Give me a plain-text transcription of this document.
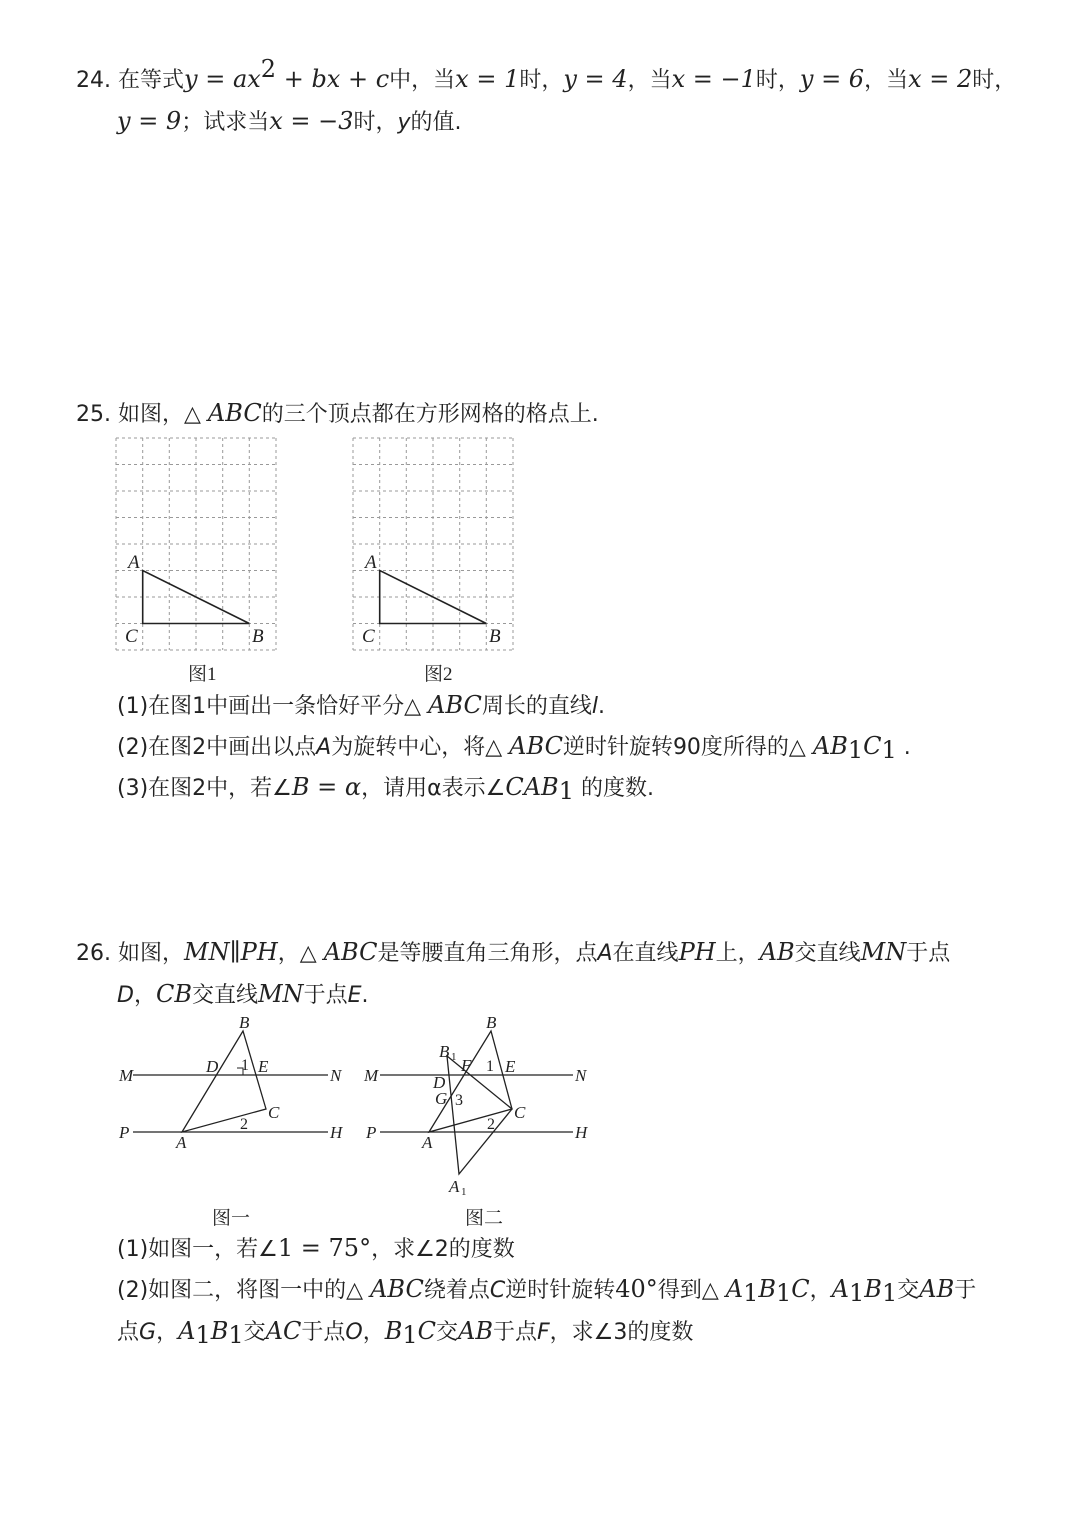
24. 在等式$y = ax^2$ + bx + c中，当x = 1时，y = 4，当x = −1时，y = 6，当x = 2时，
y = 9；试求当x = −3时，y的值.
25. 如图，△ ABC的三个顶点都在方形网格的格点上.
A
C	B
图1
A
C	B
图2
(1)在图1中画出一条恰好平分△ ABC周长的直线l.
(2)在图2中画出以点A为旋转中心，将△ ABC逆时针旋转90度所得的△ $AB_1C_1$ .
(3)在图2中，若∠B = α，请用α表示$\angle CAB_1$ 的度数.
26. 如图，MN∥PH，△ ABC是等腰直角三角形，点A在直线PH上，AB交直线MN于点
D，CB交直线MN于点E.
M	N
P	H
A
B
C
D E
1
2
图一
M	N
P	H
A
B
C
D
E
F
G
B 1
A 1
1
2
3
图二
(1)如图一，若∠1 = 75°，求∠2的度数
(2)如图二，将图一中的△ ABC绕着点C逆时针旋转40°得到△ $A_1B_1C$，$A_1B_1$交AB于
点G，$A_1B_1$交AC于点O，$B_1C$交AB于点F，求∠3的度数
